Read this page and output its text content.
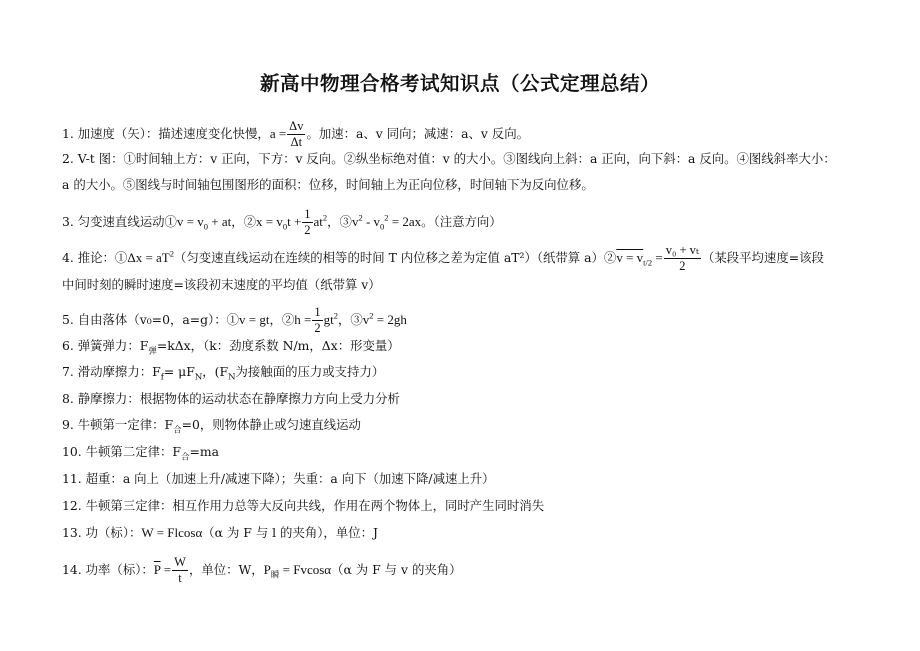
新高中物理合格考试知识点（公式定理总结）
1. 加速度（矢）：描述速度变化快慢，$a = \frac{\Delta v}{\Delta t}$ 。加速：a、v 同向；减速：a、v 反向。
2. V-t 图：①时间轴上方：v 正向，下方：v 反向。②纵坐标绝对值：v 的大小。③图线向上斜：a 正向，向下斜：a 反向。④图线斜率大小：
a 的大小。⑤图线与时间轴包围图形的面积：位移，时间轴上为正向位移，时间轴下为反向位移。
3. 匀变速直线运动①v = $v_0$ + at，②x = $v_0t + \frac{1}{2} at^2$，$③v^2 - v_0^2 = 2ax$。（注意方向）
4. 推论：①Δx = $aT^2$（匀变速直线运动在连续的相等的时间 T 内位移之差为定值 aT²）（纸带算 a）②v = $v_{t/2} = \frac{\text{v₀ + vₜ}}{2}$ （某段平均速度=该段
中间时刻的瞬时速度=该段初末速度的平均值（纸带算 v）
5. 自由落体（v₀=0，a=g）：①v = gt，②h = $\frac{1}{2} gt^2$，$③v^2 = 2gh$
6. 弹簧弹力：$F_弹=k\Delta x$，（k：劲度系数 N/m，Δx：形变量）
7. 滑动摩擦力：$F_f= \mu F_N$，($F_N$为接触面的压力或支持力）
8. 静摩擦力：根据物体的运动状态在静摩擦力方向上受力分析
9. 牛顿第一定律：$F_合=0$，则物体静止或匀速直线运动
10. 牛顿第二定律：$F_合=ma$
11. 超重：a 向上（加速上升/减速下降）；失重：a 向下（加速下降/减速上升）
12. 牛顿第三定律：相互作用力总等大反向共线，作用在两个物体上，同时产生同时消失
13. 功（标）：W = Flcosα（α 为 F 与 l 的夹角），单位：J
14. 功率（标）：$\overline{P} = \frac{W}{t}$ ，单位：W，$P_瞬 = Fvcos\alpha(\alpha$ 为 F 与 v 的夹角）
